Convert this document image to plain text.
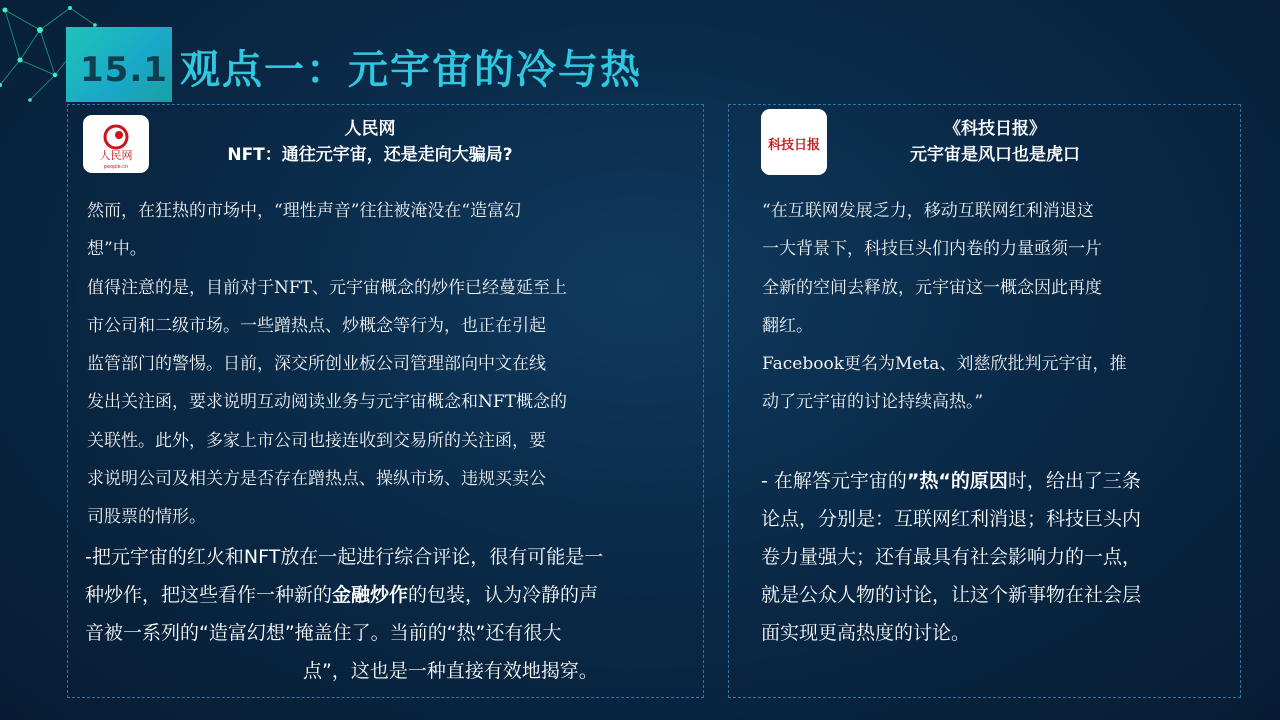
15.1 观点一：元宇宙的冷与热
人民网
people.cn
人民网
NFT：通往元宇宙，还是走向大骗局?
然而，在狂热的市场中，“理性声音”往往被淹没在“造富幻
想”中。
值得注意的是，目前对于NFT、元宇宙概念的炒作已经蔓延至上
市公司和二级市场。一些蹭热点、炒概念等行为，也正在引起
监管部门的警惕。日前，深交所创业板公司管理部向中文在线
发出关注函，要求说明互动阅读业务与元宇宙概念和NFT概念的
关联性。此外，多家上市公司也接连收到交易所的关注函，要
求说明公司及相关方是否存在蹭热点、操纵市场、违规买卖公
司股票的情形。
-把元宇宙的红火和NFT放在一起进行综合评论，很有可能是一
种炒作，把这些看作一种新的金融炒作的包装，认为冷静的声
音被一系列的“造富幻想”掩盖住了。当前的“热”还有很大
点”，这也是一种直接有效地揭穿。
科技日报
《科技日报》
元宇宙是风口也是虎口
“在互联网发展乏力，移动互联网红利消退这
一大背景下，科技巨头们内卷的力量亟须一片
全新的空间去释放，元宇宙这一概念因此再度
翻红。
Facebook更名为Meta、刘慈欣批判元宇宙，推
动了元宇宙的讨论持续高热。”
- 在解答元宇宙的”热“的原因时，给出了三条
论点，分别是：互联网红利消退；科技巨头内
卷力量强大；还有最具有社会影响力的一点，
就是公众人物的讨论，让这个新事物在社会层
面实现更高热度的讨论。
